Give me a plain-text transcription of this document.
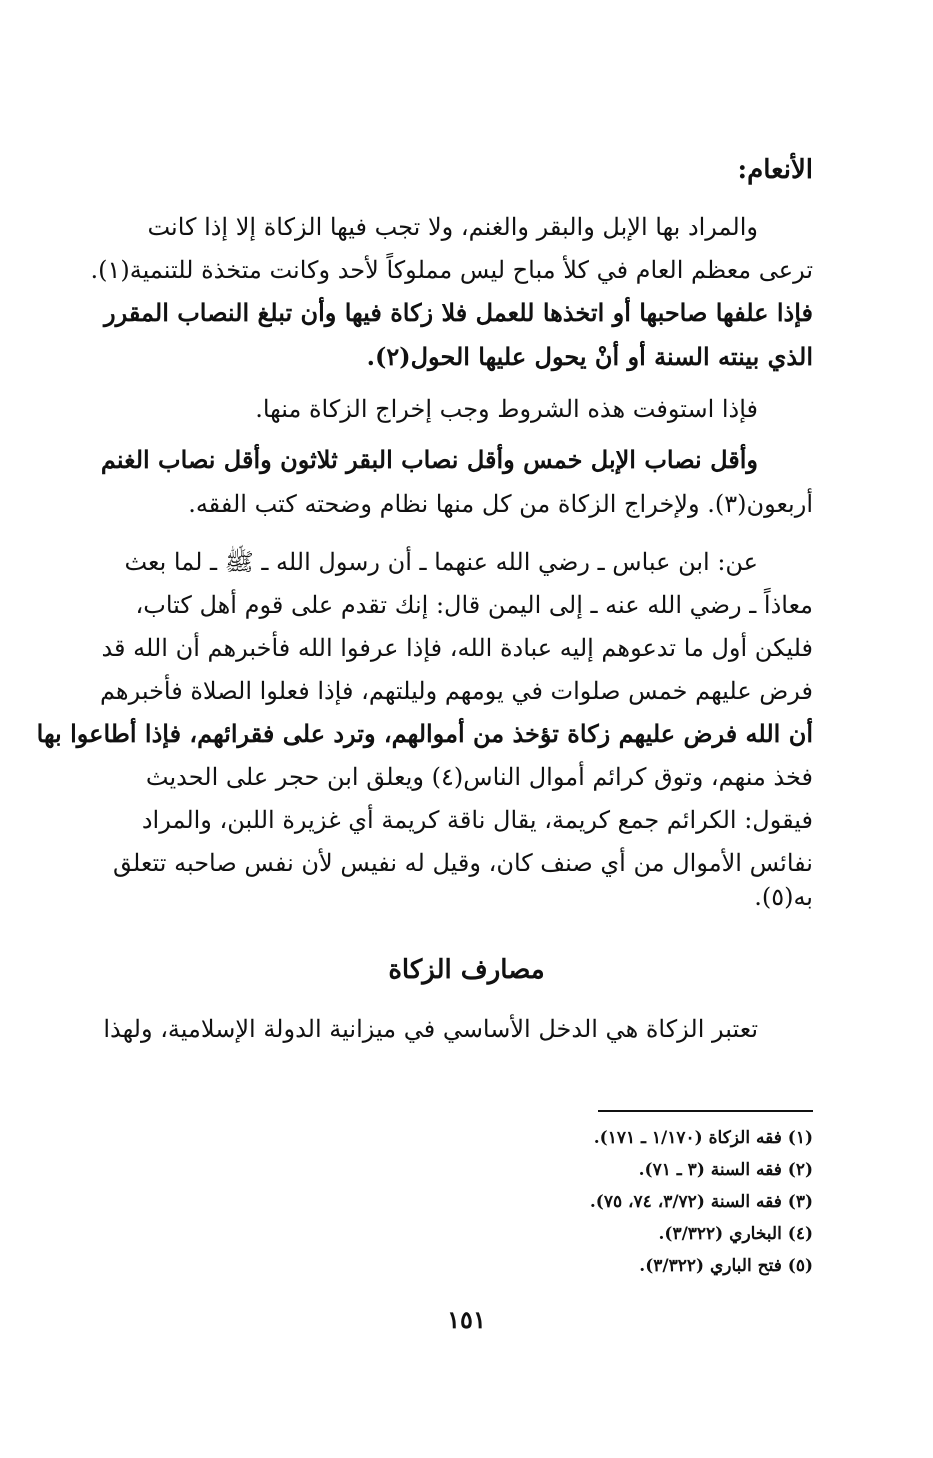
الأنعام:
والمراد بها الإبل والبقر والغنم، ولا تجب فيها الزكاة إلا إذا كانت
ترعى معظم العام في كلأ مباح ليس مملوكاً لأحد وكانت متخذة للتنمية(١).
فإذا علفها صاحبها أو اتخذها للعمل فلا زكاة فيها وأن تبلغ النصاب المقرر
الذي بينته السنة أو أنْ يحول عليها الحول(٢).
فإذا استوفت هذه الشروط وجب إخراج الزكاة منها.
وأقل نصاب الإبل خمس وأقل نصاب البقر ثلاثون وأقل نصاب الغنم
أربعون(٣). ولإخراج الزكاة من كل منها نظام وضحته كتب الفقه.
عن: ابن عباس ـ رضي الله عنهما ـ أن رسول الله ـ ﷺ ـ لما بعث
معاذاً ـ رضي الله عنه ـ إلى اليمن قال: إنك تقدم على قوم أهل كتاب،
فليكن أول ما تدعوهم إليه عبادة الله، فإذا عرفوا الله فأخبرهم أن الله قد
فرض عليهم خمس صلوات في يومهم وليلتهم، فإذا فعلوا الصلاة فأخبرهم
أن الله فرض عليهم زكاة تؤخذ من أموالهم، وترد على فقرائهم، فإذا أطاعوا بها
فخذ منهم، وتوق كرائم أموال الناس(٤) ويعلق ابن حجر على الحديث
فيقول: الكرائم جمع كريمة، يقال ناقة كريمة أي غزيرة اللبن، والمراد
نفائس الأموال من أي صنف كان، وقيل له نفيس لأن نفس صاحبه تتعلق
به(٥).
مصارف الزكاة
تعتبر الزكاة هي الدخل الأساسي في ميزانية الدولة الإسلامية، ولهذا
(١) فقه الزكاة (١/١٧٠ ـ ١٧١).
(٢) فقه السنة (٣ ـ ٧١).
(٣) فقه السنة (٣/٧٢، ٧٤، ٧٥).
(٤) البخاري (٣/٣٢٢).
(٥) فتح الباري (٣/٣٢٢).
١٥١
